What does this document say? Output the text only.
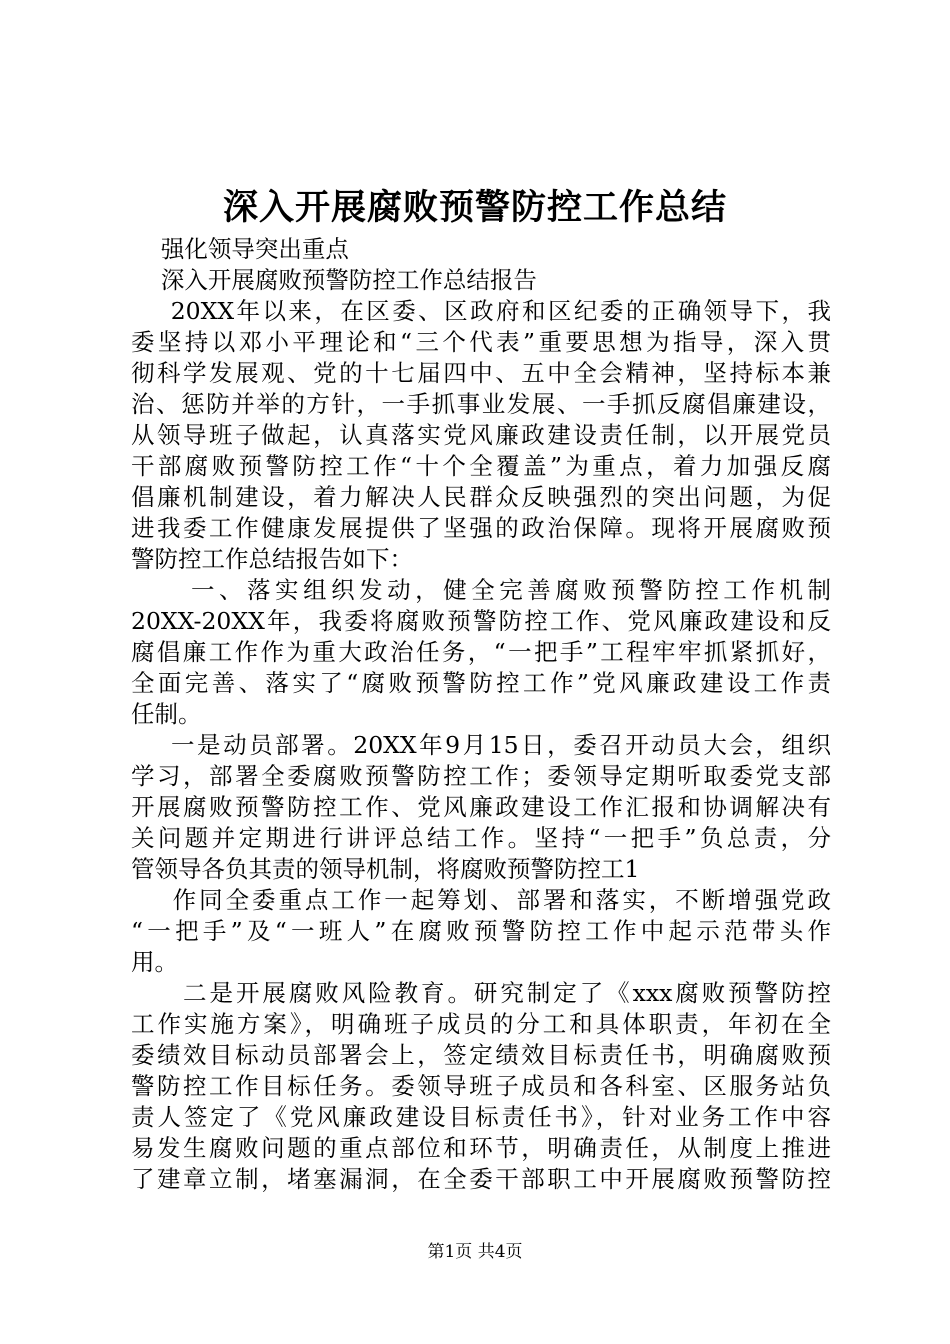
深入开展腐败预警防控工作总结
强化领导突出重点
深入开展腐败预警防控工作总结报告
20XX年以来，在区委、区政府和区纪委的正确领导下，我
委坚持以邓小平理论和“三个代表”重要思想为指导，深入贯
彻科学发展观、党的十七届四中、五中全会精神，坚持标本兼
治、惩防并举的方针，一手抓事业发展、一手抓反腐倡廉建设，
从领导班子做起，认真落实党风廉政建设责任制，以开展党员
干部腐败预警防控工作“十个全覆盖”为重点，着力加强反腐
倡廉机制建设，着力解决人民群众反映强烈的突出问题，为促
进我委工作健康发展提供了坚强的政治保障。现将开展腐败预
警防控工作总结报告如下：
一、落实组织发动，健全完善腐败预警防控工作机制
20XX-20XX年，我委将腐败预警防控工作、党风廉政建设和反
腐倡廉工作作为重大政治任务，“一把手”工程牢牢抓紧抓好，
全面完善、落实了“腐败预警防控工作”党风廉政建设工作责
任制。
一是动员部署。20XX年9月15日，委召开动员大会，组织
学习，部署全委腐败预警防控工作；委领导定期听取委党支部
开展腐败预警防控工作、党风廉政建设工作汇报和协调解决有
关问题并定期进行讲评总结工作。坚持“一把手”负总责，分
管领导各负其责的领导机制，将腐败预警防控工1
作同全委重点工作一起筹划、部署和落实，不断增强党政
“一把手”及“一班人”在腐败预警防控工作中起示范带头作
用。
二是开展腐败风险教育。研究制定了《xxx腐败预警防控
工作实施方案》，明确班子成员的分工和具体职责，年初在全
委绩效目标动员部署会上，签定绩效目标责任书，明确腐败预
警防控工作目标任务。委领导班子成员和各科室、区服务站负
责人签定了《党风廉政建设目标责任书》，针对业务工作中容
易发生腐败问题的重点部位和环节，明确责任，从制度上推进
了建章立制，堵塞漏洞，在全委干部职工中开展腐败预警防控
第1页 共4页
